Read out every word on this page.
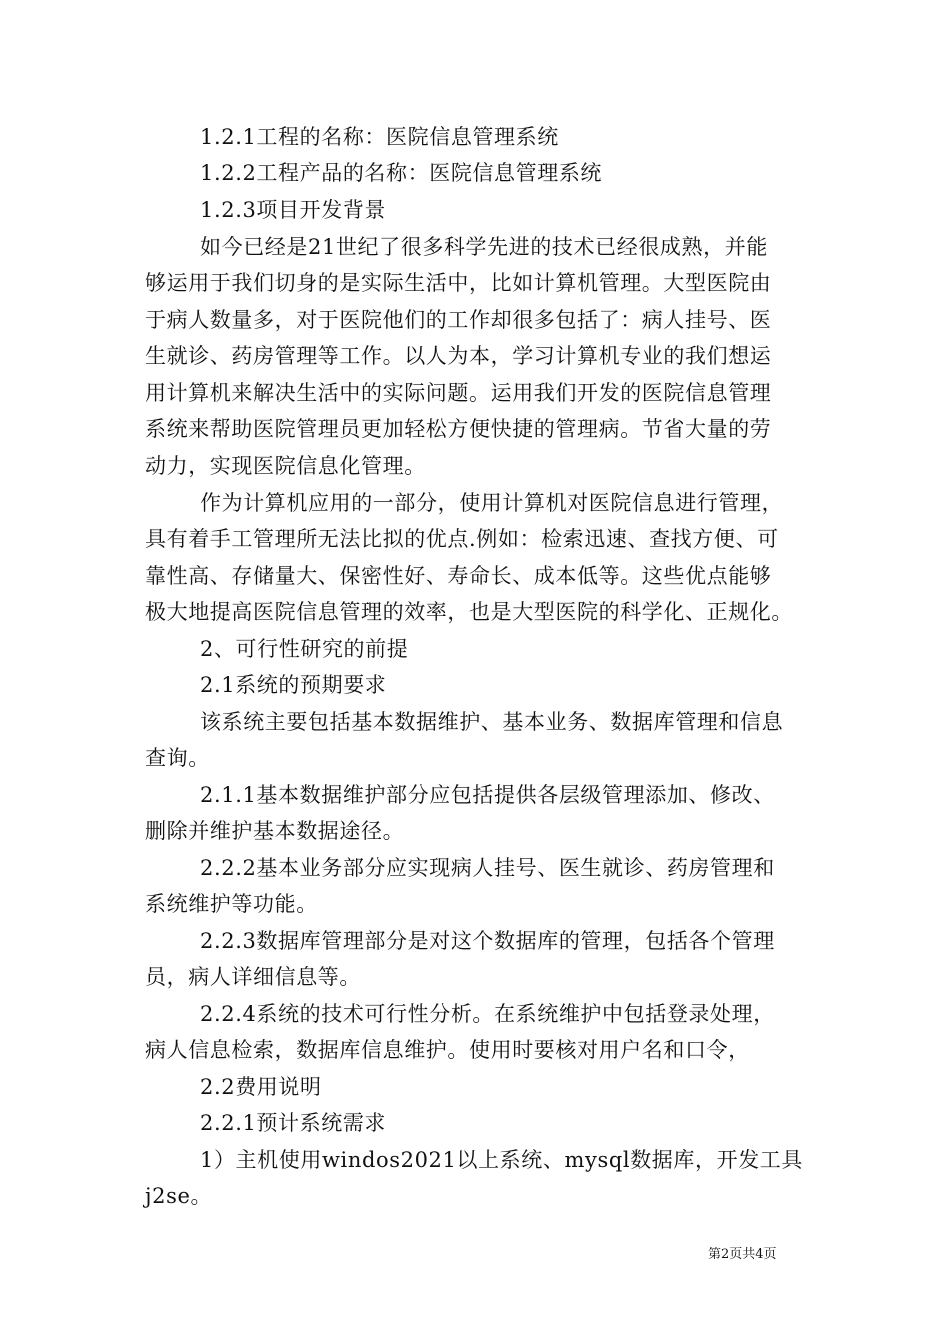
1.2.1工程的名称：医院信息管理系统
1.2.2工程产品的名称：医院信息管理系统
1.2.3项目开发背景
如今已经是21世纪了很多科学先进的技术已经很成熟，并能
够运用于我们切身的是实际生活中，比如计算机管理。大型医院由
于病人数量多，对于医院他们的工作却很多包括了：病人挂号、医
生就诊、药房管理等工作。以人为本，学习计算机专业的我们想运
用计算机来解决生活中的实际问题。运用我们开发的医院信息管理
系统来帮助医院管理员更加轻松方便快捷的管理病。节省大量的劳
动力，实现医院信息化管理。
作为计算机应用的一部分，使用计算机对医院信息进行管理，
具有着手工管理所无法比拟的优点.例如：检索迅速、查找方便、可
靠性高、存储量大、保密性好、寿命长、成本低等。这些优点能够
极大地提高医院信息管理的效率，也是大型医院的科学化、正规化。
2、可行性研究的前提
2.1系统的预期要求
该系统主要包括基本数据维护、基本业务、数据库管理和信息
查询。
2.1.1基本数据维护部分应包括提供各层级管理添加、修改、
删除并维护基本数据途径。
2.2.2基本业务部分应实现病人挂号、医生就诊、药房管理和
系统维护等功能。
2.2.3数据库管理部分是对这个数据库的管理，包括各个管理
员，病人详细信息等。
2.2.4系统的技术可行性分析。在系统维护中包括登录处理，
病人信息检索，数据库信息维护。使用时要核对用户名和口令，
2.2费用说明
2.2.1预计系统需求
1）主机使用windos2021以上系统、mysql数据库，开发工具
j2se。
第2页共4页
